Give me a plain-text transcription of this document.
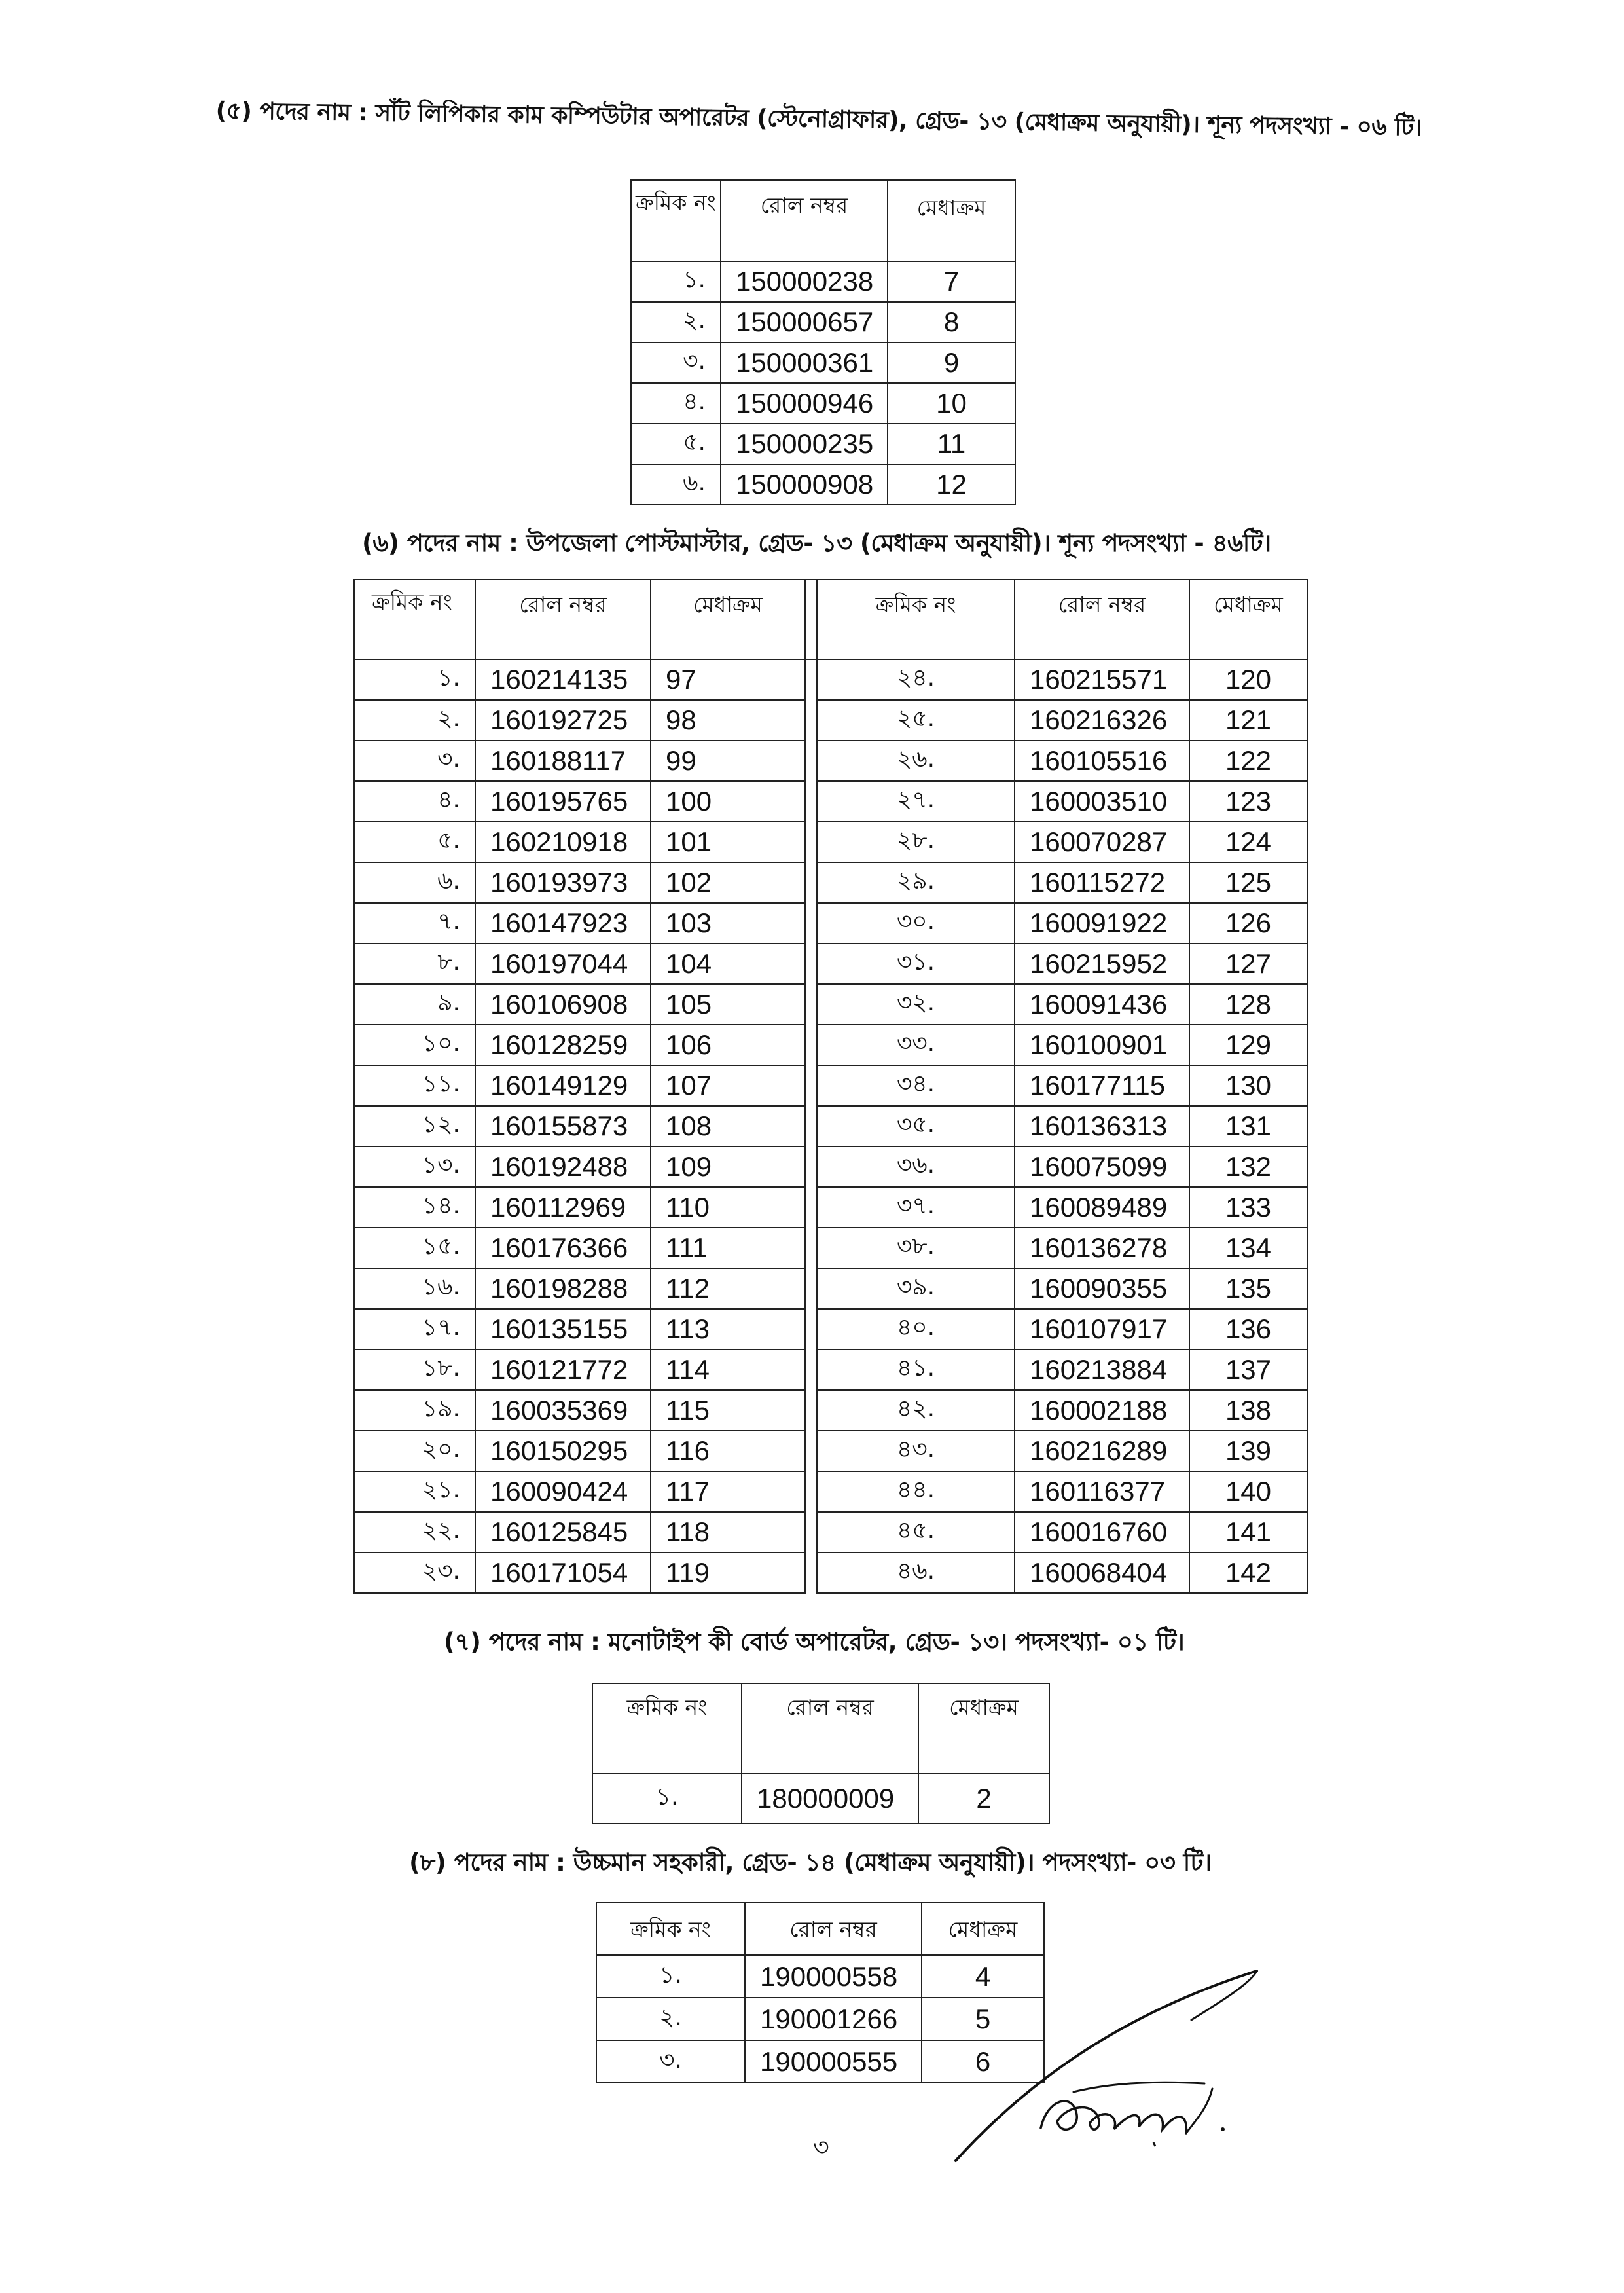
(৫) পদের নাম : সাঁট লিপিকার কাম কম্পিউটার অপারেটর (স্টেনোগ্রাফার), গ্রেড- ১৩ (মেধাক্রম অনুযায়ী)। শূন্য পদসংখ্যা - ০৬ টি।
ক্রমিক নং	রোল নম্বর	মেধাক্রম
১.	150000238	7
২.	150000657	8
৩.	150000361	9
৪.	150000946	10
৫.	150000235	11
৬.	150000908	12
(৬) পদের নাম : উপজেলা পোস্টমাস্টার, গ্রেড- ১৩ (মেধাক্রম অনুযায়ী)। শূন্য পদসংখ্যা - ৪৬টি।
ক্রমিক নং	রোল নম্বর	মেধাক্রম		ক্রমিক নং	রোল নম্বর	মেধাক্রম
১.	160214135	97		২৪.	160215571	120
২.	160192725	98		২৫.	160216326	121
৩.	160188117	99		২৬.	160105516	122
৪.	160195765	100		২৭.	160003510	123
৫.	160210918	101		২৮.	160070287	124
৬.	160193973	102		২৯.	160115272	125
৭.	160147923	103		৩০.	160091922	126
৮.	160197044	104		৩১.	160215952	127
৯.	160106908	105		৩২.	160091436	128
১০.	160128259	106		৩৩.	160100901	129
১১.	160149129	107		৩৪.	160177115	130
১২.	160155873	108		৩৫.	160136313	131
১৩.	160192488	109		৩৬.	160075099	132
১৪.	160112969	110		৩৭.	160089489	133
১৫.	160176366	111		৩৮.	160136278	134
১৬.	160198288	112		৩৯.	160090355	135
১৭.	160135155	113		৪০.	160107917	136
১৮.	160121772	114		৪১.	160213884	137
১৯.	160035369	115		৪২.	160002188	138
২০.	160150295	116		৪৩.	160216289	139
২১.	160090424	117		৪৪.	160116377	140
২২.	160125845	118		৪৫.	160016760	141
২৩.	160171054	119		৪৬.	160068404	142
(৭) পদের নাম : মনোটাইপ কী বোর্ড অপারেটর, গ্রেড- ১৩। পদসংখ্যা- ০১ টি।
ক্রমিক নং	রোল নম্বর	মেধাক্রম
১.	180000009	2
(৮) পদের নাম : উচ্চমান সহকারী, গ্রেড- ১৪ (মেধাক্রম অনুযায়ী)। পদসংখ্যা- ০৩ টি।
ক্রমিক নং	রোল নম্বর	মেধাক্রম
১.	190000558	4
২.	190001266	5
৩.	190000555	6
৩
